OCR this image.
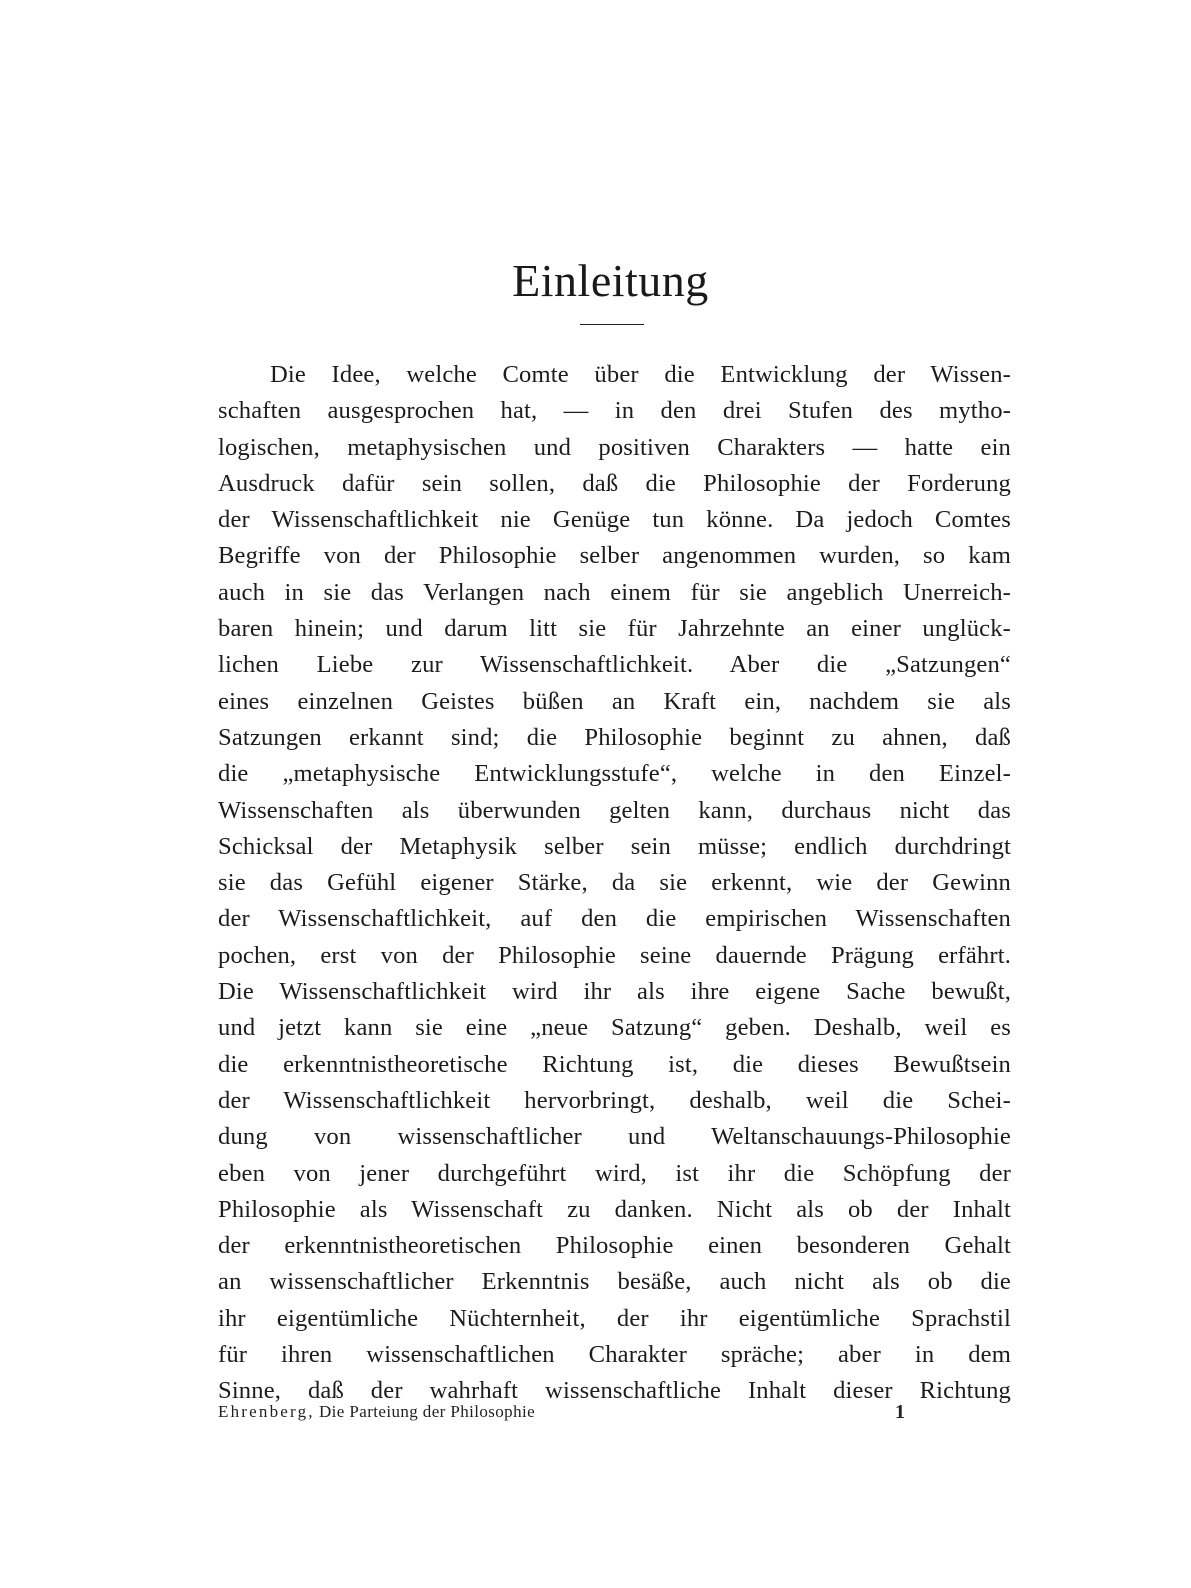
Einleitung
Die Idee, welche Comte über die Entwicklung der Wissen-
schaften ausgesprochen hat, — in den drei Stufen des mytho-
logischen, metaphysischen und positiven Charakters — hatte ein
Ausdruck dafür sein sollen, daß die Philosophie der Forderung
der Wissenschaftlichkeit nie Genüge tun könne. Da jedoch Comtes
Begriffe von der Philosophie selber angenommen wurden, so kam
auch in sie das Verlangen nach einem für sie angeblich Unerreich-
baren hinein; und darum litt sie für Jahrzehnte an einer unglück-
lichen Liebe zur Wissenschaftlichkeit. Aber die „Satzungen“
eines einzelnen Geistes büßen an Kraft ein, nachdem sie als
Satzungen erkannt sind; die Philosophie beginnt zu ahnen, daß
die „metaphysische Entwicklungsstufe“, welche in den Einzel-
Wissenschaften als überwunden gelten kann, durchaus nicht das
Schicksal der Metaphysik selber sein müsse; endlich durchdringt
sie das Gefühl eigener Stärke, da sie erkennt, wie der Gewinn
der Wissenschaftlichkeit, auf den die empirischen Wissenschaften
pochen, erst von der Philosophie seine dauernde Prägung erfährt.
Die Wissenschaftlichkeit wird ihr als ihre eigene Sache bewußt,
und jetzt kann sie eine „neue Satzung“ geben. Deshalb, weil es
die erkenntnistheoretische Richtung ist, die dieses Bewußtsein
der Wissenschaftlichkeit hervorbringt, deshalb, weil die Schei-
dung von wissenschaftlicher und Weltanschauungs-Philosophie
eben von jener durchgeführt wird, ist ihr die Schöpfung der
Philosophie als Wissenschaft zu danken. Nicht als ob der Inhalt
der erkenntnistheoretischen Philosophie einen besonderen Gehalt
an wissenschaftlicher Erkenntnis besäße, auch nicht als ob die
ihr eigentümliche Nüchternheit, der ihr eigentümliche Sprachstil
für ihren wissenschaftlichen Charakter spräche; aber in dem
Sinne, daß der wahrhaft wissenschaftliche Inhalt dieser Richtung
Ehrenberg, Die Parteiung der Philosophie	1
